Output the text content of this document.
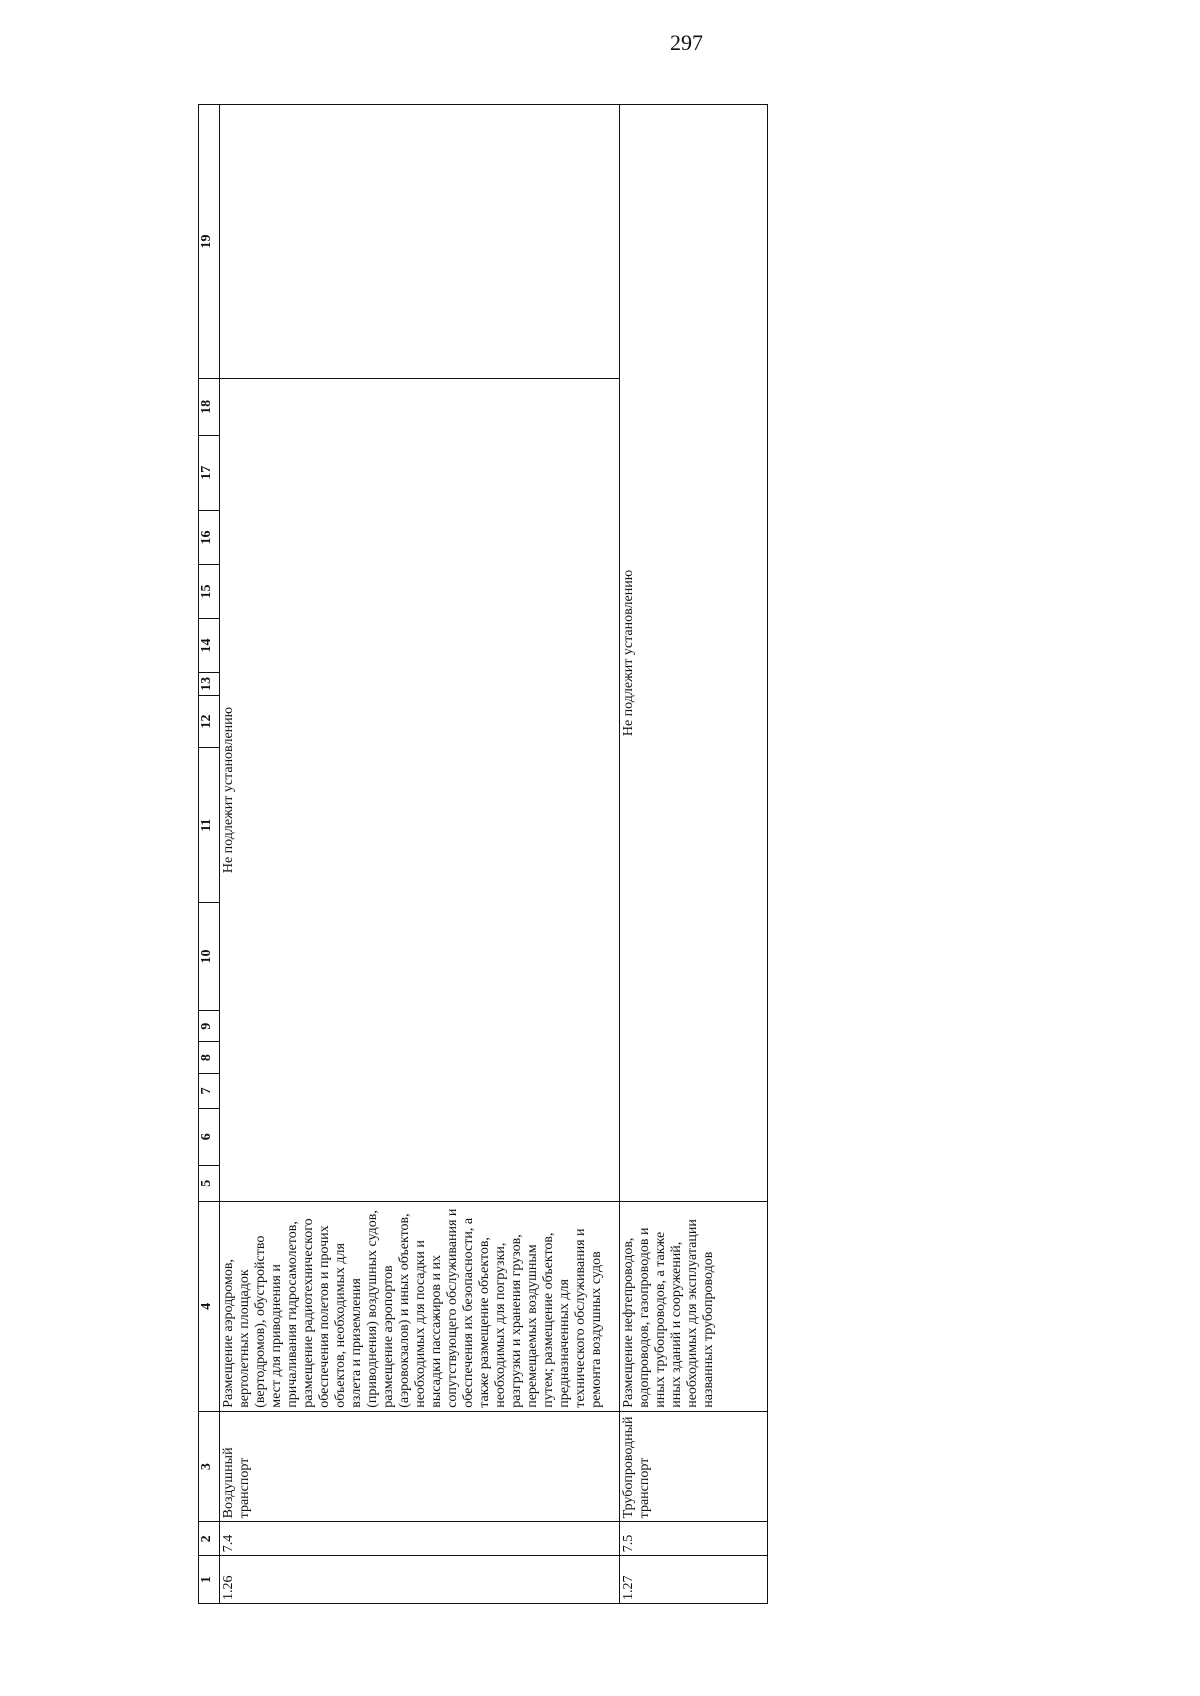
297
1	2	3	4	5	6	7	8	9	10	11	12	13	14	15	16	17	18	19
1.26	7.4	Воздушный транспорт	Размещение аэродромов, вертолетных площадок (вертодромов), обустройство мест для приводнения и причаливания гидросамолетов, размещение радиотехнического обеспечения полетов и прочих объектов, необходимых для взлета и приземления (приводнения) воздушных судов, размещение аэропортов (аэровокзалов) и иных объектов, необходимых для посадки и высадки пассажиров и их сопутствующего обслуживания и обеспечения их безопасности, а также размещение объектов, необходимых для погрузки, разгрузки и хранения грузов, перемещаемых воздушным путем; размещение объектов, предназначенных для технического обслуживания и ремонта воздушных судов	Не подлежит установлению														
1.27	7.5	Трубопроводный транспорт	Размещение нефтепроводов, водопроводов, газопроводов и иных трубопроводов, а также иных зданий и сооружений, необходимых для эксплуатации названных трубопроводов	Не подлежит установлению														
